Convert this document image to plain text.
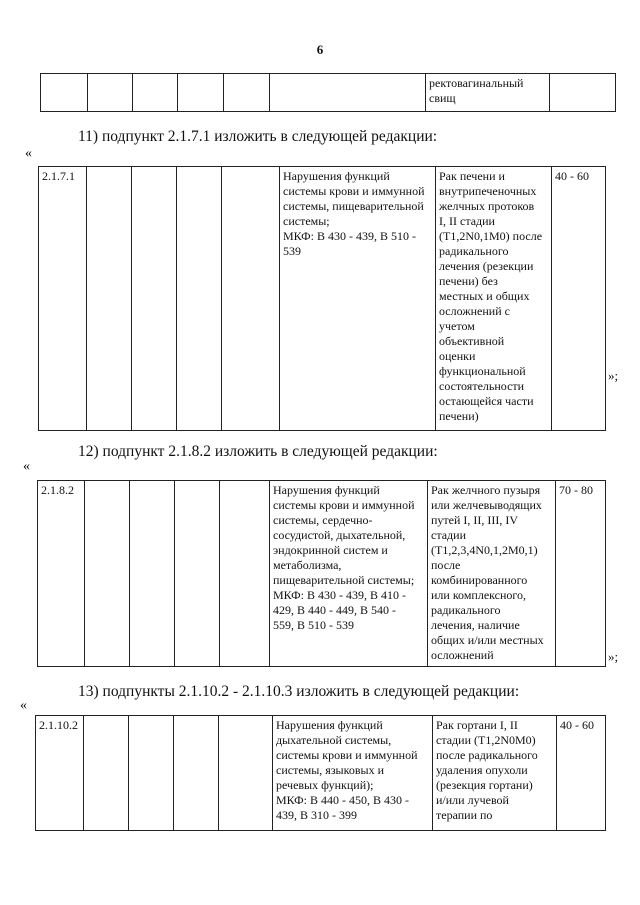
6

ректовагинальный
свищ

11) подпункт 2.1.7.1 изложить в следующей редакции:
«
2.1.7.1					Нарушения функций
системы крови и иммунной
системы, пищеварительной
системы;
МКФ: В 430 - 439, В 510 -
539

Рак печени и
внутрипеченочных
желчных протоков
I, II стадии
(T1,2N0,1M0) после
радикального
лечения (резекции
печени) без
местных и общих
осложнений с
учетом
объективной
оценки
функциональной
состоятельности
остающейся части
печени)
	40 - 60
»;
12) подпункт 2.1.8.2 изложить в следующей редакции:
«
2.1.8.2					Нарушения функций
системы крови и иммунной
системы, сердечно-
сосудистой, дыхательной,
эндокринной систем и
метаболизма,
пищеварительной системы;
МКФ: В 430 - 439, В 410 -
429, В 440 - 449, В 540 -
559, В 510 - 539

Рак желчного пузыря
или желчевыводящих
путей I, II, III, IV
стадии
(T1,2,3,4N0,1,2M0,1)
после
комбинированного
или комплексного,
радикального
лечения, наличие
общих и/или местных
осложнений
	70 - 80
»;
13) подпункты 2.1.10.2 - 2.1.10.3 изложить в следующей редакции:
«
2.1.10.2					Нарушения функций
дыхательной системы,
системы крови и иммунной
системы, языковых и
речевых функций);
МКФ: В 440 - 450, В 430 -
439, В 310 - 399

Рак гортани I, II
стадии (T1,2N0M0)
после радикального
удаления опухоли
(резекция гортани)
и/или лучевой
терапии по
	40 - 60
